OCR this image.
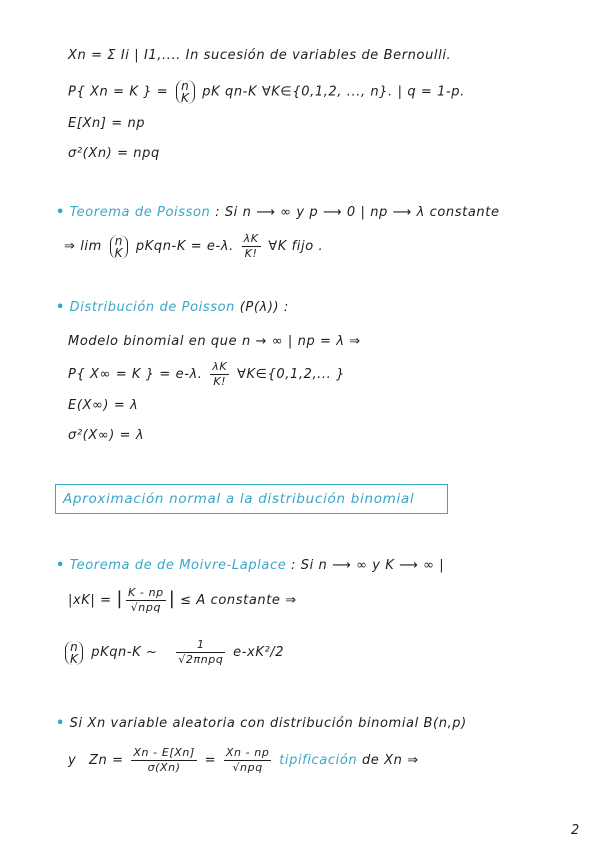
Xn = Σ Ii | I1,.... In sucesión de variables de Bernoulli.
P{ Xn = K } = n
K pK qn-K ∀K∈{0,1,2, ..., n}. | q = 1-p.
E[Xn] = np
σ²(Xn) = npq
• Teorema de Poisson : Si n ⟶ ∞ y p ⟶ 0 | np ⟶ λ constante
⇒ lim n
K pKqn-K = e-λ. $\frac{\lambda K}{K!}$ ∀K fijo .
• Distribución de Poisson (P(λ)) :
Modelo binomial en que n → ∞ | np = λ ⇒
P{ X∞ = K } = e-λ. $\frac{\lambda K}{K!}$ ∀K∈{0,1,2,... }
E(X∞) = λ
σ²(X∞) = λ
Aproximación normal a la distribución binomial
• Teorema de de Moivre-Laplace : Si n ⟶ ∞ y K ⟶ ∞ |
|xK| = | $\frac{K - np}{\text{√npq}}$ | ≤ A constante ⇒
n
K pKqn-K ~ $\frac{1}{\text{√2πnpq}} e-xK^2/2$
• Si Xn variable aleatoria con distribución binomial B(n,p)
y $Zn = \frac{Xn - E[Xn]}{\sigma(Xn)} = \frac{Xn - np}{\text{√npq}}$ tipificación de Xn ⇒
2
